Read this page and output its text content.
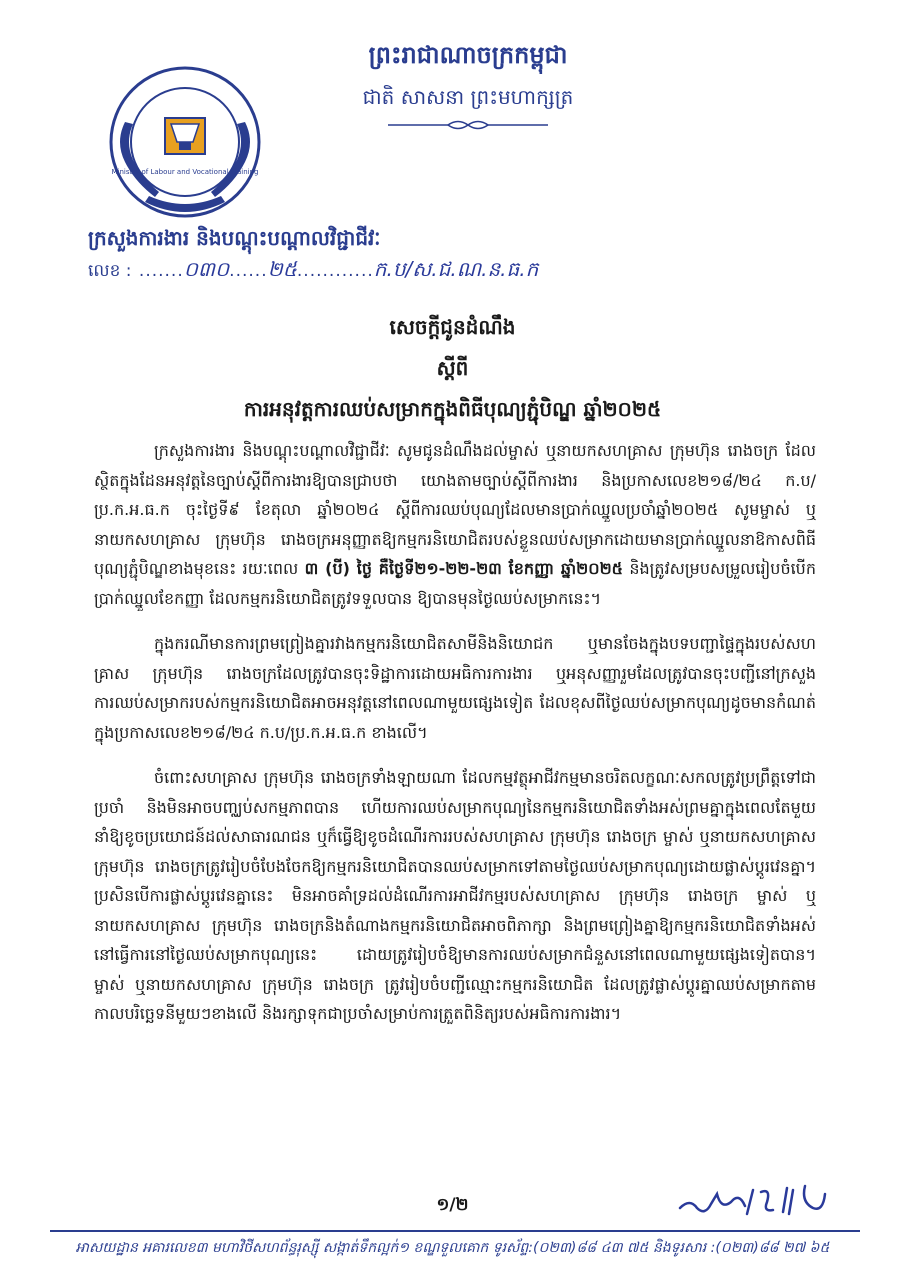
Ministry of Labour and Vocational Training
ព្រះរាជាណាចក្រកម្ពុជា
ជាតិ សាសនា ព្រះមហាក្សត្រ
ក្រសួងការងារ និងបណ្តុះបណ្តាលវិជ្ជាជីវៈ
លេខ : .......០៣០......២៥............ក.ប/ស.ជ.ណ.ន.ធ.ក
សេចក្តីជូនដំណឹង
ស្តីពី
ការអនុវត្តការឈប់សម្រាកក្នុងពិធីបុណ្យភ្ជុំបិណ្ឌ ឆ្នាំ២០២៥

ក្រសួងការងារ និងបណ្តុះបណ្តាលវិជ្ជាជីវៈ សូមជូនដំណឹងដល់ម្ចាស់ ឬនាយកសហគ្រាស ក្រុមហ៊ុន រោងចក្រ ដែលស្ថិតក្នុងដែនអនុវត្តនៃច្បាប់ស្តីពីការងារឱ្យបានជ្រាបថា យោងតាមច្បាប់ស្តីពីការងារ និងប្រកាសលេខ២១៨/២៤ ក.ប/ប្រ.ក.អ.ធ.ក ចុះថ្ងៃទី៩ ខែតុលា ឆ្នាំ២០២៤ ស្តីពីការឈប់បុណ្យដែលមានប្រាក់ឈ្នួលប្រចាំឆ្នាំ២០២៥ សូមម្ចាស់ ឬនាយកសហគ្រាស ក្រុមហ៊ុន រោងចក្រអនុញ្ញាតឱ្យកម្មករនិយោជិតរបស់ខ្លួនឈប់សម្រាកដោយមានប្រាក់ឈ្នួលនាឱកាសពិធីបុណ្យភ្ជុំបិណ្ឌខាងមុខនេះ រយៈពេល ៣ (បី) ថ្ងៃ គឺថ្ងៃទី២១-២២-២៣ ខែកញ្ញា ឆ្នាំ២០២៥ និងត្រូវសម្របសម្រួលរៀបចំបើកប្រាក់ឈ្នួលខែកញ្ញា ដែលកម្មករនិយោជិតត្រូវទទួលបាន ឱ្យបានមុនថ្ងៃឈប់សម្រាកនេះ។

ក្នុងករណីមានការព្រមព្រៀងគ្នារវាងកម្មករនិយោជិតសាមីនិងនិយោជក ឬមានចែងក្នុងបទបញ្ជាផ្ទៃក្នុងរបស់សហគ្រាស ក្រុមហ៊ុន រោងចក្រដែលត្រូវបានចុះទិដ្ឋាការដោយអធិការការងារ ឬអនុសញ្ញារួមដែលត្រូវបានចុះបញ្ជីនៅក្រសួង ការឈប់សម្រាករបស់កម្មករនិយោជិតអាចអនុវត្តនៅពេលណាមួយផ្សេងទៀត ដែលខុសពីថ្ងៃឈប់សម្រាកបុណ្យដូចមានកំណត់ក្នុងប្រកាសលេខ២១៨/២៤ ក.ប/ប្រ.ក.អ.ធ.ក ខាងលើ។

ចំពោះសហគ្រាស ក្រុមហ៊ុន រោងចក្រទាំងឡាយណា ដែលកម្មវត្ថុអាជីវកម្មមានចរិតលក្ខណៈសកលត្រូវប្រព្រឹត្តទៅជាប្រចាំ និងមិនអាចបញ្ឈប់សកម្មភាពបាន ហើយការឈប់សម្រាកបុណ្យនៃកម្មករនិយោជិតទាំងអស់ព្រមគ្នាក្នុងពេលតែមួយនាំឱ្យខូចប្រយោជន៍ដល់សាធារណជន ឬក៏ធ្វើឱ្យខូចដំណើរការរបស់សហគ្រាស ក្រុមហ៊ុន រោងចក្រ ម្ចាស់ ឬនាយកសហគ្រាស ក្រុមហ៊ុន រោងចក្រត្រូវរៀបចំបែងចែកឱ្យកម្មករនិយោជិតបានឈប់សម្រាកទៅតាមថ្ងៃឈប់សម្រាកបុណ្យដោយផ្លាស់ប្តូរវេនគ្នា។ ប្រសិនបើការផ្លាស់ប្តូរវេនគ្នានេះ មិនអាចគាំទ្រដល់ដំណើរការអាជីវកម្មរបស់សហគ្រាស ក្រុមហ៊ុន រោងចក្រ ម្ចាស់ ឬនាយកសហគ្រាស ក្រុមហ៊ុន រោងចក្រនិងតំណាងកម្មករនិយោជិតអាចពិភាក្សា និងព្រមព្រៀងគ្នាឱ្យកម្មករនិយោជិតទាំងអស់នៅធ្វើការនៅថ្ងៃឈប់សម្រាកបុណ្យនេះ ដោយត្រូវរៀបចំឱ្យមានការឈប់សម្រាកជំនួសនៅពេលណាមួយផ្សេងទៀតបាន។ ម្ចាស់ ឬនាយកសហគ្រាស ក្រុមហ៊ុន រោងចក្រ ត្រូវរៀបចំបញ្ជីឈ្មោះកម្មករនិយោជិត ដែលត្រូវផ្លាស់ប្តូរគ្នាឈប់សម្រាកតាមកាលបរិច្ឆេទនីមួយៗខាងលើ និងរក្សាទុកជាប្រចាំសម្រាប់ការត្រួតពិនិត្យរបស់អធិការការងារ។

១/២
អាសយដ្ឋាន អគារលេខ៣ មហាវិថីសហព័ន្ធរុស្ស៊ី សង្កាត់ទឹកល្អក់១ ខណ្ឌទួលគោក ទូរស័ព្ទ:(០២៣)៨៨ ៤៣ ៧៥ និងទូរសារ :(០២៣)៨៨ ២៧ ៦៥
